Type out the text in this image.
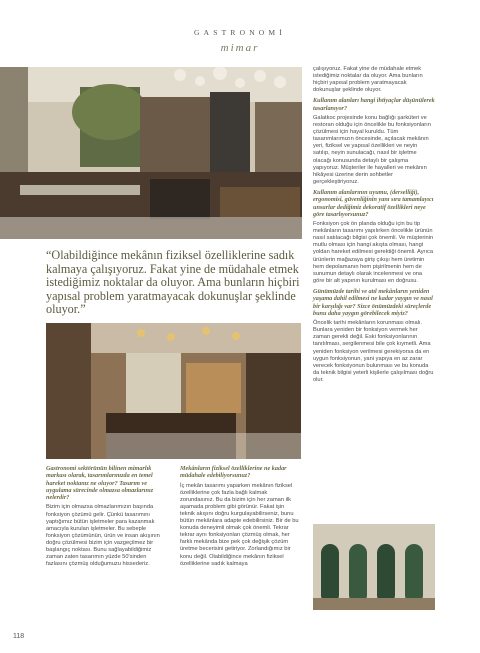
GASTRONOMİ
mimar
“Olabildiğince mekânın fiziksel özelliklerine sadık kalmaya çalışıyoruz. Fakat yine de müdahale etmek istediğimiz noktalar da oluyor. Ama bunların hiçbiri yapısal problem yaratmayacak dokunuşlar şeklinde oluyor.”

çalışıyoruz. Fakat yine de müdahale etmek istediğimiz noktalar da oluyor. Ama bunların hiçbiri yapısal problem yaratmayacak dokunuşlar şeklinde oluyor.

Kullanım alanları hangi ihtiyaçlar düşünülerek tasarlanıyor?

Galatkoc projesinde konu bağlığı şarküteri ve restoran olduğu için öncelikle bu fonksiyonların çözülmesi için hayal kuruldu. Tüm tasarımlarımızın öncesinde, açılacak mekânın yeri, fiziksel ve yapısal özellikleri ve neyin satılıp, neyin sunulacağı, nasıl bir işletme olacağı konusunda detaylı bir çalışma yapıyoruz. Müşteriler ile hayalleri ve mekânın hikâyesi üzerine derin sohbetler gerçekleştiriyoruz.

Kullanım alanlarının uyumu, (derselliği), ergonomisi, güvenliğinin yanı sıra tamamlayıcı unsurlar dediğimiz dekoratif özellikleri neye göre tasarlıyorsunuz?

Fonksiyon çok ön planda olduğu için bu tip mekânların tasarımı yapılırken öncelikle ürünün nasıl satılacağı bilgisi çok önemli. Ve müşterinin mutlu olması için hangi akışta olması, hangi yoldan hareket edilmesi gerektiği önemli. Ayrıca ürünlerin mağazaya giriş çıkışı hem üretimin hem depolamanın hem pişirilmenin hem de sunumun detaylı olarak incelenmesi ve ona göre bir alt yapının kurulması en doğrusu.

Günümüzde tarihi ve atıl mekânların yeniden yaşama dahil edilmesi ne kadar yaygın ve nasıl bir karşılığı var? Sizce önümüzdeki süreçlerde bunu daha yaygın görebilecek miyiz?

Öncelik tarihi mekânların korunması olmalı. Bunlara yeniden bir fonksiyon vermek her zaman gerekli değil. Eski fonksiyonlarının tanıtılması, sergilenmesi bile çok kıymetli. Ama yeniden fonksiyon verilmesi gerekiyorsa da en uygun fonksiyonun, yani yapıya en az zarar verecek fonksiyonun bulunması ve bu konuda da teknik bilgisi yeterli kişilerle çalışılması doğru olur.

Gastronomi sektörünün bilinen mimarlık markası olarak, tasarımlarınızda en temel hareket noktanız ne oluyor? Tasarım ve uygulama sürecinde olmazsa olmazlarınız nelerdir?

Bizim için olmazsa olmazlarımızın başında fonksiyon çözümü gelir. Çünkü tasarımını yaptığımız bütün işletmeler para kazanmak amacıyla kurulan işletmeler. Bu sebeple fonksiyon çözümünün, ürün ve insan akışının doğru çözülmesi bizim için vazgeçilmez bir başlangıç noktası. Bunu sağlayabildiğimiz zaman zaten tasarımın yüzde 50'sinden fazlasını çözmüş olduğumuzu hissederiz.

Mekânların fiziksel özelliklerine ne kadar müdahale edebiliyorsunuz?

İç mekân tasarımı yaparken mekânın fiziksel özelliklerine çok fazla bağlı kalmak zorundasınız. Bu da bizim için her zaman ilk aşamada problem gibi görünür. Fakat işin teknik akışını doğru kurgulayabilirseniz, bunu bütün mekânlara adapte edebilirsiniz. Bir de bu konuda deneyimli olmak çok önemli. Tekrar tekrar aynı fonksiyonları çözmüş olmak, her farklı mekânda bize pek çok değişik çözüm üretme becerisini getiriyor. Zorlandığımız bir konu değil. Olabildiğince mekânın fiziksel özelliklerine sadık kalmaya

118
